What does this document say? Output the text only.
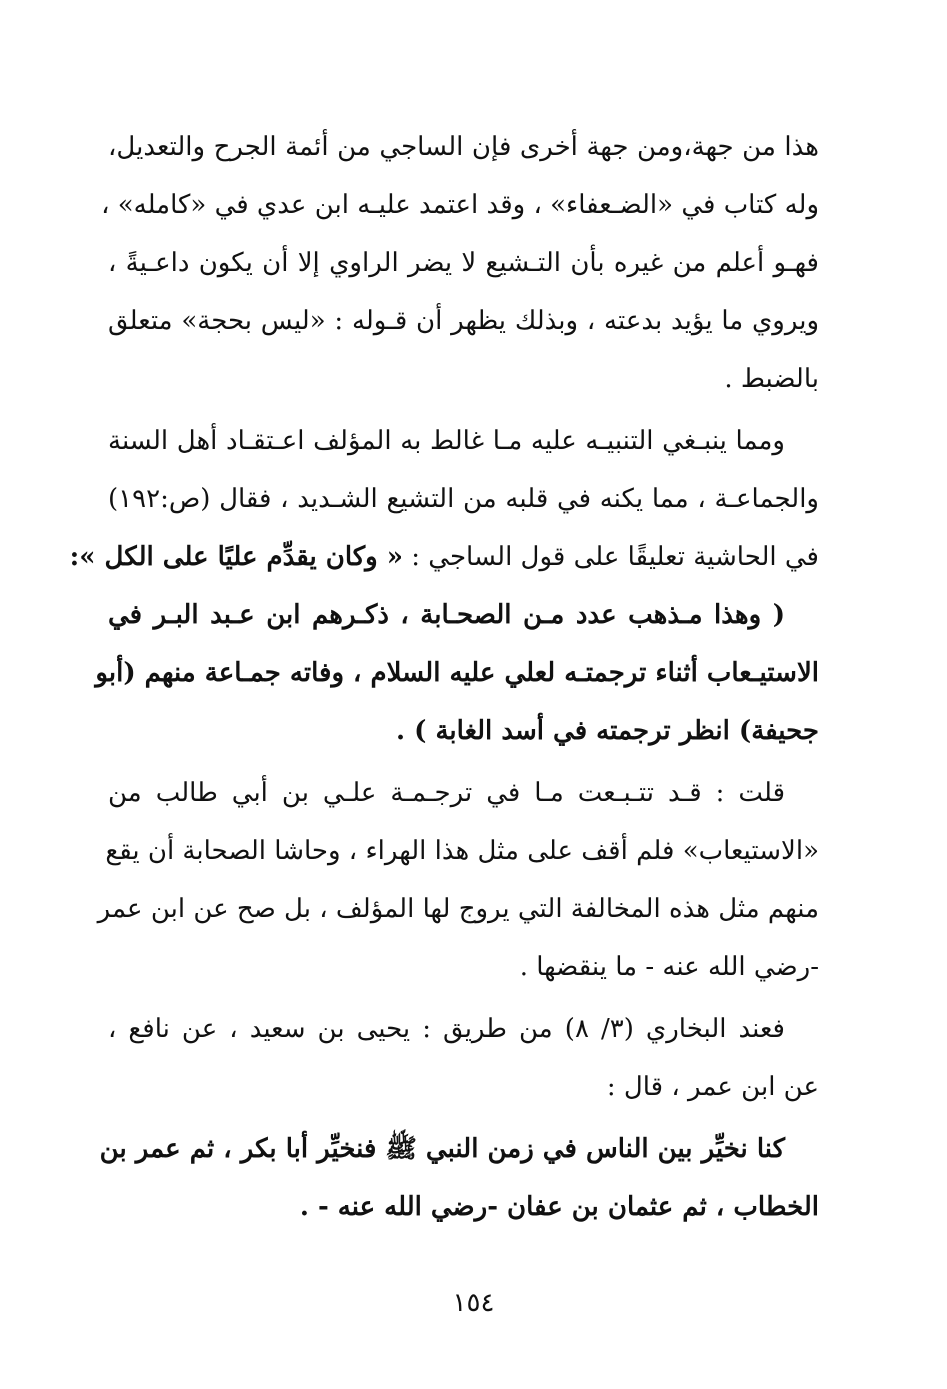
هذا من جهة،ومن جهة أخرى فإن الساجي من أئمة الجرح والتعديل،
وله كتاب في «الضـعفاء» ، وقد اعتمد عليـه ابن عدي في «كامله» ،
فهـو أعلم من غيره بأن التـشيع لا يضر الراوي إلا أن يكون داعـيةً ،
ويروي ما يؤيد بدعته ، وبذلك يظهر أن قـوله : «ليس بحجة» متعلق
بالضبط .
ومما ينبـغي التنبيـه عليه مـا غالط به المؤلف اعـتقـاد أهل السنة
والجماعـة ، مما يكنه في قلبه من التشيع الشـديد ، فقال (ص:١٩٢)
في الحاشية تعليقًا على قول الساجي : « وكان يقدِّم عليًا على الكل »:
( وهذا مـذهب عدد مـن الصحـابة ، ذكـرهم ابن عـبد البـر في
الاستيـعاب أثناء ترجمتـه لعلي عليه السلام ، وفاته جمـاعة منهم (أبو
جحيفة) انظر ترجمته في أسد الغابة ) .
قلت : قـد تتـبـعت مـا في ترجـمـة علـي بن أبي طالب من
«الاستيعاب» فلم أقف على مثل هذا الهراء ، وحاشا الصحابة أن يقع
منهم مثل هذه المخالفة التي يروج لها المؤلف ، بل صح عن ابن عمر
-رضي الله عنه - ما ينقضها .
فعند البخاري (٣/ ٨) من طريق : يحيى بن سعيد ، عن نافع ،
عن ابن عمر ، قال :
كنا نخيِّر بين الناس في زمن النبي ﷺ فنخيِّر أبا بكر ، ثم عمر بن
الخطاب ، ثم عثمان بن عفان -رضي الله عنه - .
١٥٤
